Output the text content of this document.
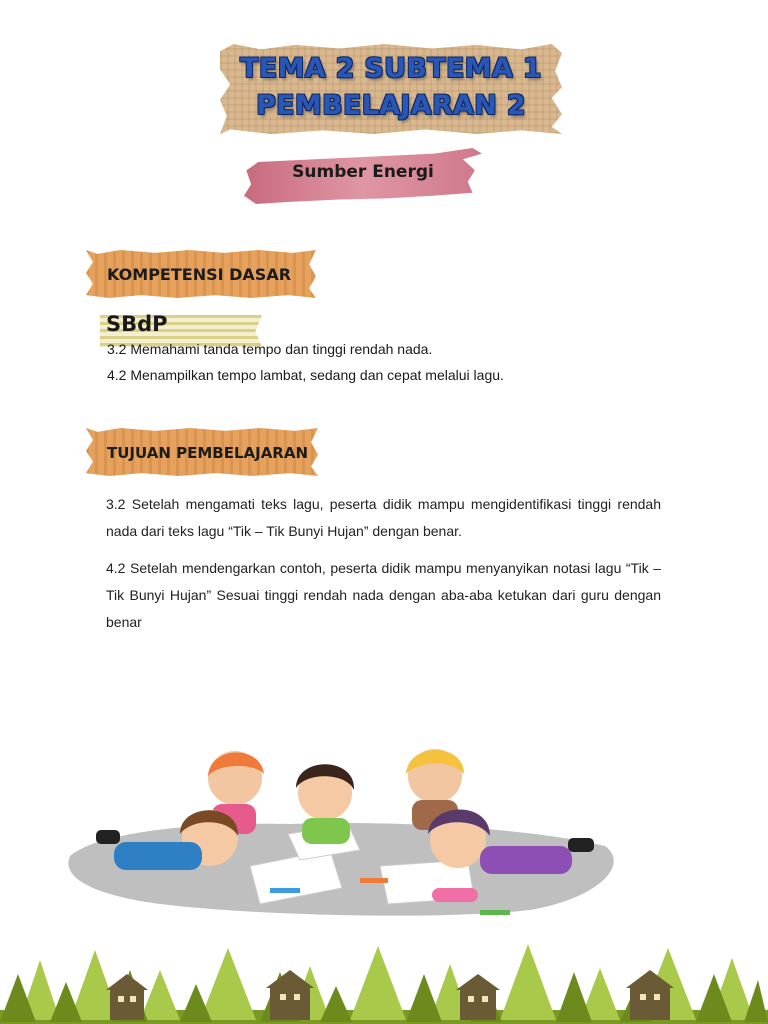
TEMA 2 SUBTEMA 1
PEMBELAJARAN 2
Sumber Energi
KOMPETENSI DASAR
SBdP
3.2 Memahami tanda tempo dan tinggi rendah nada.
4.2 Menampilkan tempo lambat, sedang dan cepat melalui lagu.
TUJUAN PEMBELAJARAN
3.2 Setelah mengamati teks lagu, peserta didik mampu mengidentifikasi tinggi rendah nada dari teks lagu “Tik – Tik Bunyi Hujan” dengan benar.
4.2 Setelah mendengarkan contoh, peserta didik mampu menyanyikan notasi lagu “Tik – Tik Bunyi Hujan” Sesuai tinggi rendah nada dengan aba-aba ketukan dari guru dengan benar
